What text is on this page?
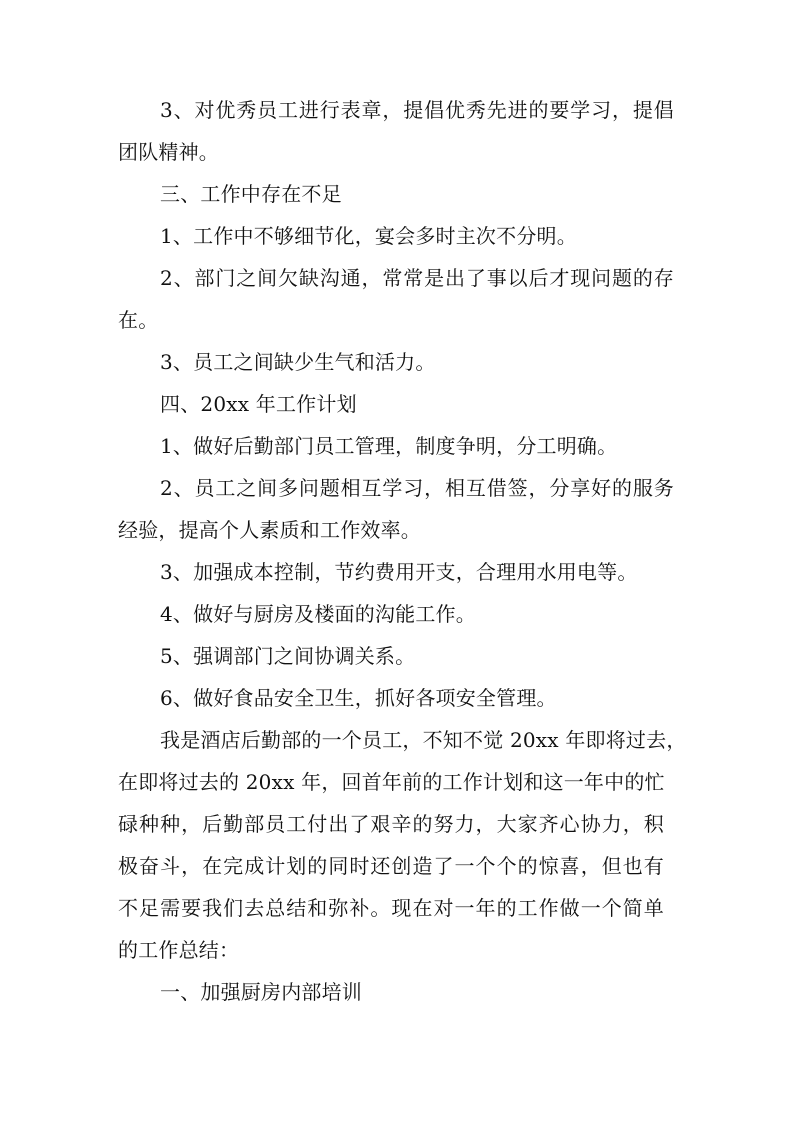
3、对优秀员工进行表章，提倡优秀先进的要学习，提倡
团队精神。
三、工作中存在不足
1、工作中不够细节化，宴会多时主次不分明。
2、部门之间欠缺沟通，常常是出了事以后才现问题的存
在。
3、员工之间缺少生气和活力。
四、20xx 年工作计划
1、做好后勤部门员工管理，制度争明，分工明确。
2、员工之间多问题相互学习，相互借签，分享好的服务
经验，提高个人素质和工作效率。
3、加强成本控制，节约费用开支，合理用水用电等。
4、做好与厨房及楼面的沟能工作。
5、强调部门之间协调关系。
6、做好食品安全卫生，抓好各项安全管理。
我是酒店后勤部的一个员工，不知不觉 20xx 年即将过去，
在即将过去的 20xx 年，回首年前的工作计划和这一年中的忙
碌种种，后勤部员工付出了艰辛的努力，大家齐心协力，积
极奋斗，在完成计划的同时还创造了一个个的惊喜，但也有
不足需要我们去总结和弥补。现在对一年的工作做一个简单
的工作总结：
一、加强厨房内部培训
